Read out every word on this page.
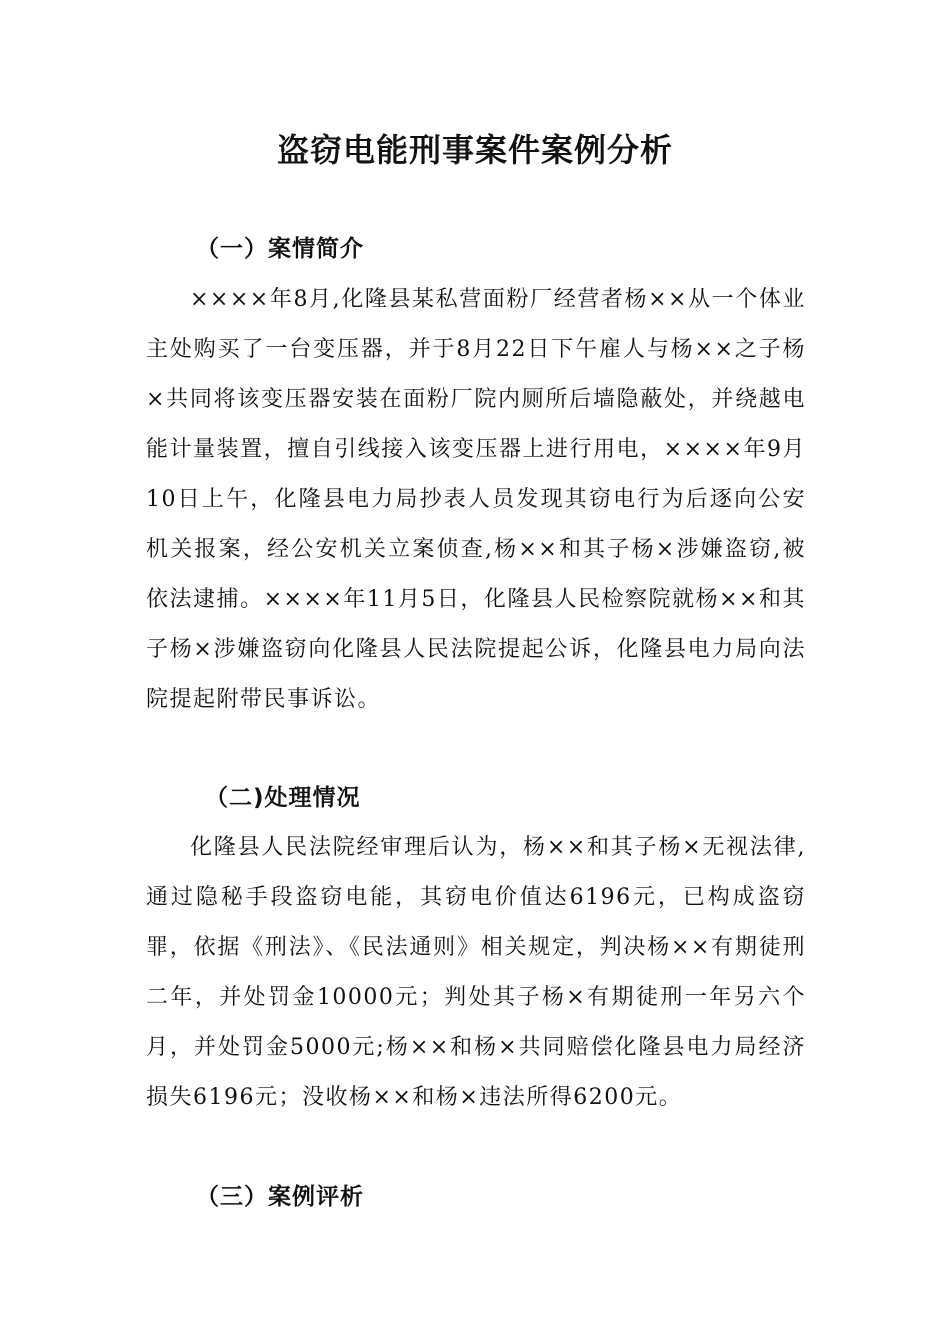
盗窃电能刑事案件案例分析
（一）案情简介
××××年8月,化隆县某私营面粉厂经营者杨××从一个体业主处购买了一台变压器，并于8月22日下午雇人与杨××之子杨×共同将该变压器安装在面粉厂院内厕所后墙隐蔽处，并绕越电能计量装置，擅自引线接入该变压器上进行用电，××××年9月10日上午，化隆县电力局抄表人员发现其窃电行为后逐向公安机关报案，经公安机关立案侦查,杨××和其子杨×涉嫌盗窃,被依法逮捕。××××年11月5日，化隆县人民检察院就杨××和其子杨×涉嫌盗窃向化隆县人民法院提起公诉，化隆县电力局向法院提起附带民事诉讼。
（二)处理情况
化隆县人民法院经审理后认为，杨××和其子杨×无视法律,通过隐秘手段盗窃电能，其窃电价值达6196元，已构成盗窃罪，依据《刑法》、《民法通则》相关规定，判决杨××有期徒刑二年，并处罚金10000元；判处其子杨×有期徒刑一年另六个月，并处罚金5000元;杨××和杨×共同赔偿化隆县电力局经济损失6196元；没收杨××和杨×违法所得6200元。
（三）案例评析
